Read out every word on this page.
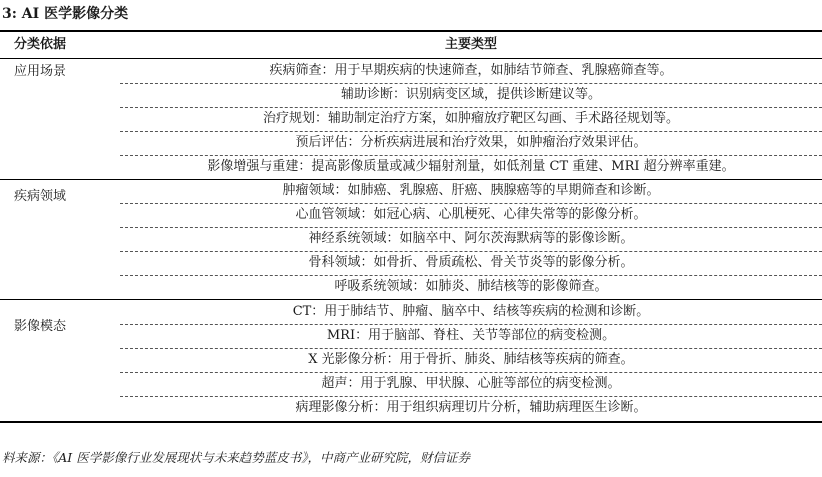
3: AI 医学影像分类
分类依据	主要类型
应用场景
疾病领域
影像模态
疾病筛查：用于早期疾病的快速筛查，如肺结节筛查、乳腺癌筛查等。
辅助诊断：识别病变区域，提供诊断建议等。
治疗规划：辅助制定治疗方案，如肿瘤放疗靶区勾画、手术路径规划等。
预后评估：分析疾病进展和治疗效果，如肿瘤治疗效果评估。
影像增强与重建：提高影像质量或减少辐射剂量，如低剂量 CT 重建、MRI 超分辨率重建。
肿瘤领域：如肺癌、乳腺癌、肝癌、胰腺癌等的早期筛查和诊断。
心血管领域：如冠心病、心肌梗死、心律失常等的影像分析。
神经系统领域：如脑卒中、阿尔茨海默病等的影像诊断。
骨科领域：如骨折、骨质疏松、骨关节炎等的影像分析。
呼吸系统领域：如肺炎、肺结核等的影像筛查。
CT：用于肺结节、肿瘤、脑卒中、结核等疾病的检测和诊断。
MRI：用于脑部、脊柱、关节等部位的病变检测。
X 光影像分析：用于骨折、肺炎、肺结核等疾病的筛查。
超声：用于乳腺、甲状腺、心脏等部位的病变检测。
病理影像分析：用于组织病理切片分析，辅助病理医生诊断。
料来源：《AI 医学影像行业发展现状与未来趋势蓝皮书》，中商产业研究院，财信证券
